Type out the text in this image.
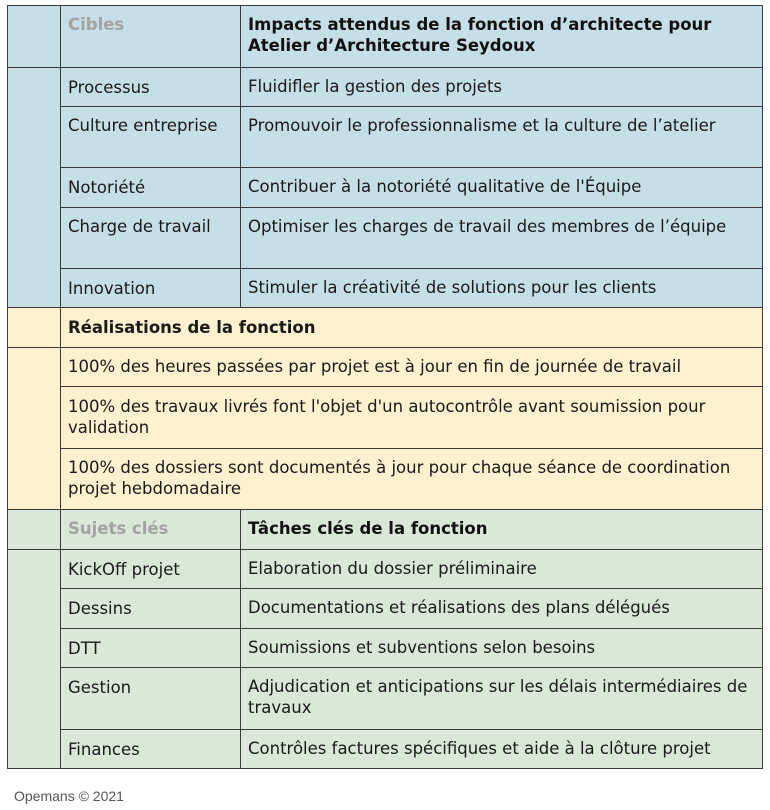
	Cibles	Impacts attendus de la fonction d’architecte pour Atelier d’Architecture Seydoux
	Processus	Fluidifler la gestion des projets
	Culture entreprise	Promouvoir le professionnalisme et la culture de l’atelier
	Notoriété	Contribuer à la notoriété qualitative de l'Équipe
	Charge de travail	Optimiser les charges de travail des membres de l’équipe
	Innovation	Stimuler la créativité de solutions pour les clients
	Réalisations de la fonction	
	100% des heures passées par projet est à jour en fin de journée de travail	
	100% des travaux livrés font l'objet d'un autocontrôle avant soumission pour validation	
	100% des dossiers sont documentés à jour pour chaque séance de coordination projet hebdomadaire	
	Sujets clés	Tâches clés de la fonction
	KickOff projet	Elaboration du dossier préliminaire
	Dessins	Documentations et réalisations des plans délégués
	DTT	Soumissions et subventions selon besoins
	Gestion	Adjudication et anticipations sur les délais intermédiaires de travaux
	Finances	Contrôles factures spécifiques et aide à la clôture projet
Opemans © 2021
